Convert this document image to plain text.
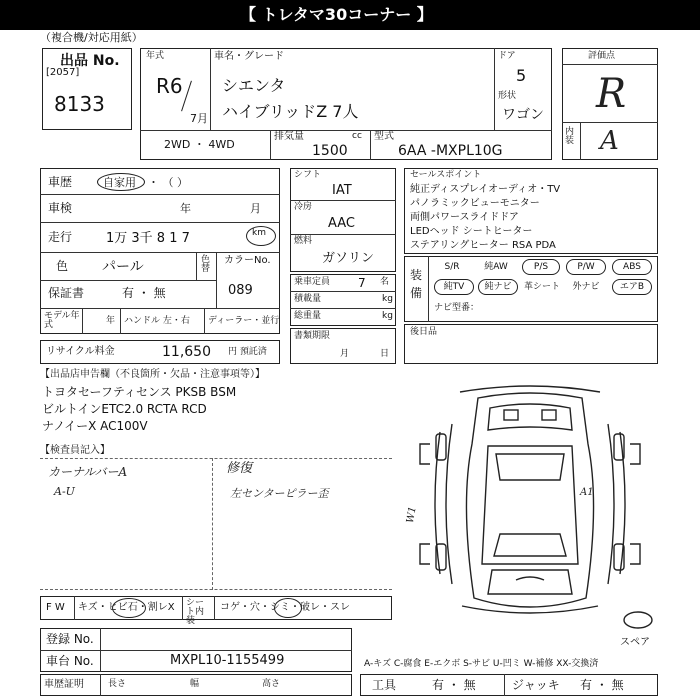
【 トレタマ30コーナー 】
（複合機/対応用紙）
出品 No.
[2057]
8133
年式
R6
7月
車名・グレード
シエンタ
ハイブリッドZ 7人
ドア
5
形状
ワゴン
2WD ・ 4WD
排気量	cc
1500
型式
6AA -MXPL10G
評価点
R
内装 A
車歴	自家用 ・ （ ）
車検	年	月
走行	1万 3千 8 1 7	km
色 パール	色替
カラーNo.
089
保証書	有 ・ 無
モデル年式	年 ハンドル 左・右 ディーラー・並行
リサイクル料金	11,650 円 預託済
シフト
IAT
冷房
AAC
燃料
ガソリン
乗車定員 7 名
積載量	kg
総重量	kg
書類期限
月	日
セールスポイント
純正ディスプレイオーディオ・TV
パノラミックビューモニター
両側パワースライドドア
LEDヘッド シートヒーター
ステアリングヒーター RSA PDA
装備
S/R	純AW	P/S	P/W	ABS
純TV	純ナビ	革シート	外ナビ	エアB
ナビ型番：
後日品
【出品店申告欄（不良箇所・欠品・注意事項等）】
トヨタセーフティセンス PKSB BSM
ビルトインETC2.0 RCTA RCD
ナノイーX AC100V
【検査員記入】
カーナルバーA
A-U
修復
左センターピラー歪
W1
A1
スペア
F W キズ・ヒビ石・割レX シート内装
コゲ・穴・シミ・破レ・スレ
登録 No.
車台 No.	MXPL10-1155499
車歴証明	長さ	幅	高さ
A-キズ C-腐食 E-エクボ S-サビ U-凹ミ W-補修 XX-交換済
工具	有 ・ 無	ジャッキ 有 ・ 無
